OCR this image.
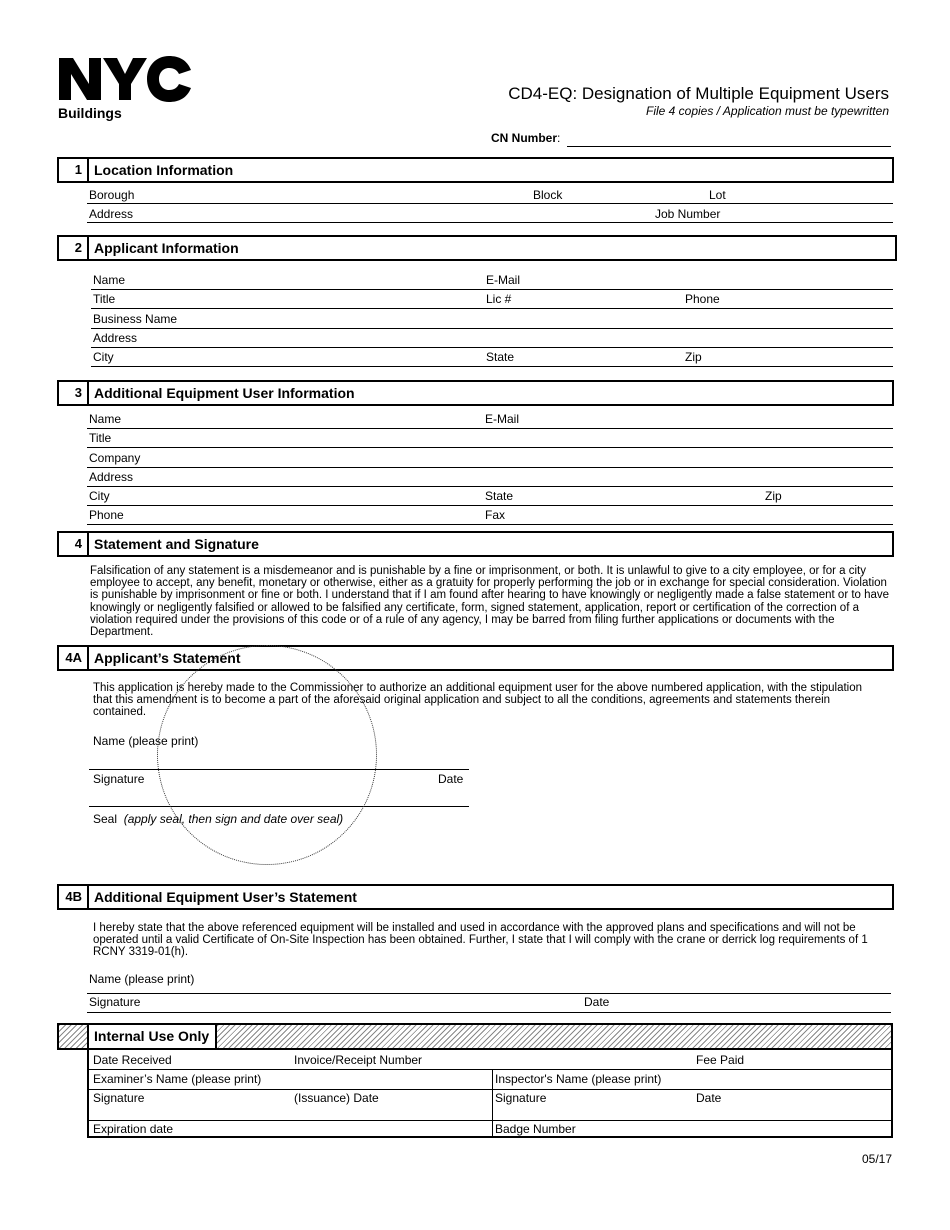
Buildings
CD4-EQ: Designation of Multiple Equipment Users
File 4 copies / Application must be typewritten
CN Number:
1 Location Information
Borough	Block	Lot
Address	Job Number
2 Applicant Information
Name	E-Mail
Title	Lic #	Phone
Business Name
Address
City	State	Zip
3 Additional Equipment User Information
Name	E-Mail
Title
Company
Address
City	State	Zip
Phone	Fax
4 Statement and Signature
Falsification of any statement is a misdemeanor and is punishable by a fine or imprisonment, or both. It is unlawful to give to a city employee, or for a city employee to accept, any benefit, monetary or otherwise, either as a gratuity for properly performing the job or in exchange for special consideration. Violation is punishable by imprisonment or fine or both. I understand that if I am found after hearing to have knowingly or negligently made a false statement or to have knowingly or negligently falsified or allowed to be falsified any certificate, form, signed statement, application, report or certification of the correction of a violation required under the provisions of this code or of a rule of any agency, I may be barred from filing further applications or documents with the Department.
4A Applicant’s Statement
This application is hereby made to the Commissioner to authorize an additional equipment user for the above numbered application, with the stipulation that this amendment is to become a part of the aforesaid original application and subject to all the conditions, agreements and statements therein contained.
Name (please print)
Signature	Date
Seal (apply seal, then sign and date over seal)
4B Additional Equipment User’s Statement
I hereby state that the above referenced equipment will be installed and used in accordance with the approved plans and specifications and will not be operated until a valid Certificate of On-Site Inspection has been obtained. Further, I state that I will comply with the crane or derrick log requirements of 1 RCNY 3319-01(h).
Name (please print)
Signature	Date
Internal Use Only
Date Received	Invoice/Receipt Number	Fee Paid
Examiner’s Name (please print)	Inspector's Name (please print)
Signature	(Issuance) Date	Signature	Date
Expiration date	Badge Number
05/17
